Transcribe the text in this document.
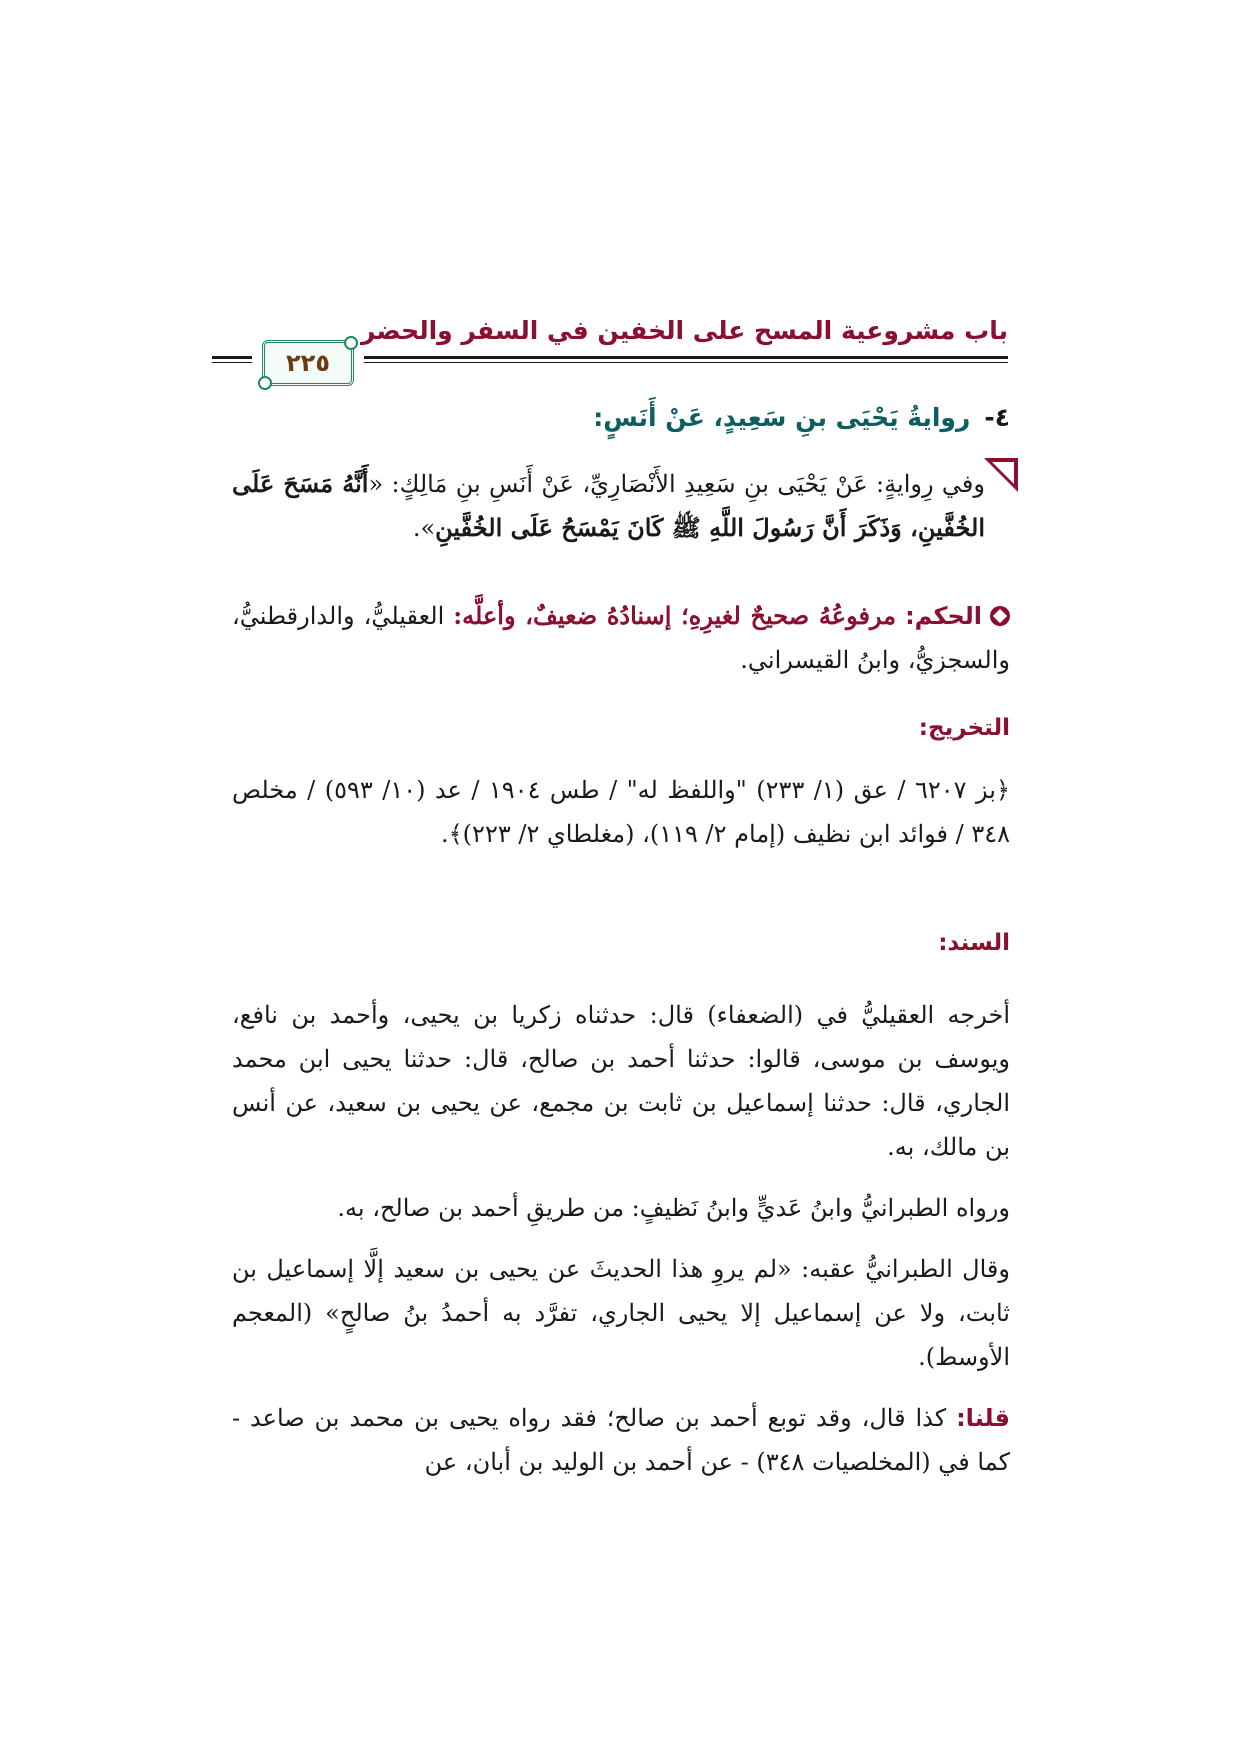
باب مشروعية المسح على الخفين في السفر والحضر
٢٢٥
٤-روايةُ يَحْيَى بنِ سَعِيدٍ، عَنْ أَنَسٍ:
وفي رِوايةٍ: عَنْ يَحْيَى بنِ سَعِيدِ الأَنْصَارِيِّ، عَنْ أَنَسِ بنِ مَالِكٍ: «أَنَّهُ مَسَحَ عَلَى الخُفَّينِ، وَذَكَرَ أَنَّ رَسُولَ اللَّهِ ﷺ كَانَ يَمْسَحُ عَلَى الخُفَّينِ».
الحكم: مرفوعُهُ صحيحٌ لغيرِهِ؛ إسنادُهُ ضعيفٌ، وأعلَّه: العقيليُّ، والدارقطنيُّ، والسجزيُّ، وابنُ القيسراني.
التخريج:
﴿بز ٦٢٠٧ / عق (١/ ٢٣٣) "واللفظ له" / طس ١٩٠٤ / عد (١٠/ ٥٩٣) / مخلص ٣٤٨ / فوائد ابن نظيف (إمام ٢/ ١١٩)، (مغلطاي ٢/ ٢٢٣)﴾.
السند:
أخرجه العقيليُّ في (الضعفاء) قال: حدثناه زكريا بن يحيى، وأحمد بن نافع، ويوسف بن موسى، قالوا: حدثنا أحمد بن صالح، قال: حدثنا يحيى ابن محمد الجاري، قال: حدثنا إسماعيل بن ثابت بن مجمع، عن يحيى بن سعيد، عن أنس بن مالك، به.
ورواه الطبرانيُّ وابنُ عَديٍّ وابنُ نَظيفٍ: من طريقِ أحمد بن صالح، به.
وقال الطبرانيُّ عقبه: «لم يروِ هذا الحديثَ عن يحيى بن سعيد إلَّا إسماعيل بن ثابت، ولا عن إسماعيل إلا يحيى الجاري، تفرَّد به أحمدُ بنُ صالحٍ» (المعجم الأوسط).
قلنا: كذا قال، وقد توبع أحمد بن صالح؛ فقد رواه يحيى بن محمد بن صاعد - كما في (المخلصيات ٣٤٨) - عن أحمد بن الوليد بن أبان، عن
